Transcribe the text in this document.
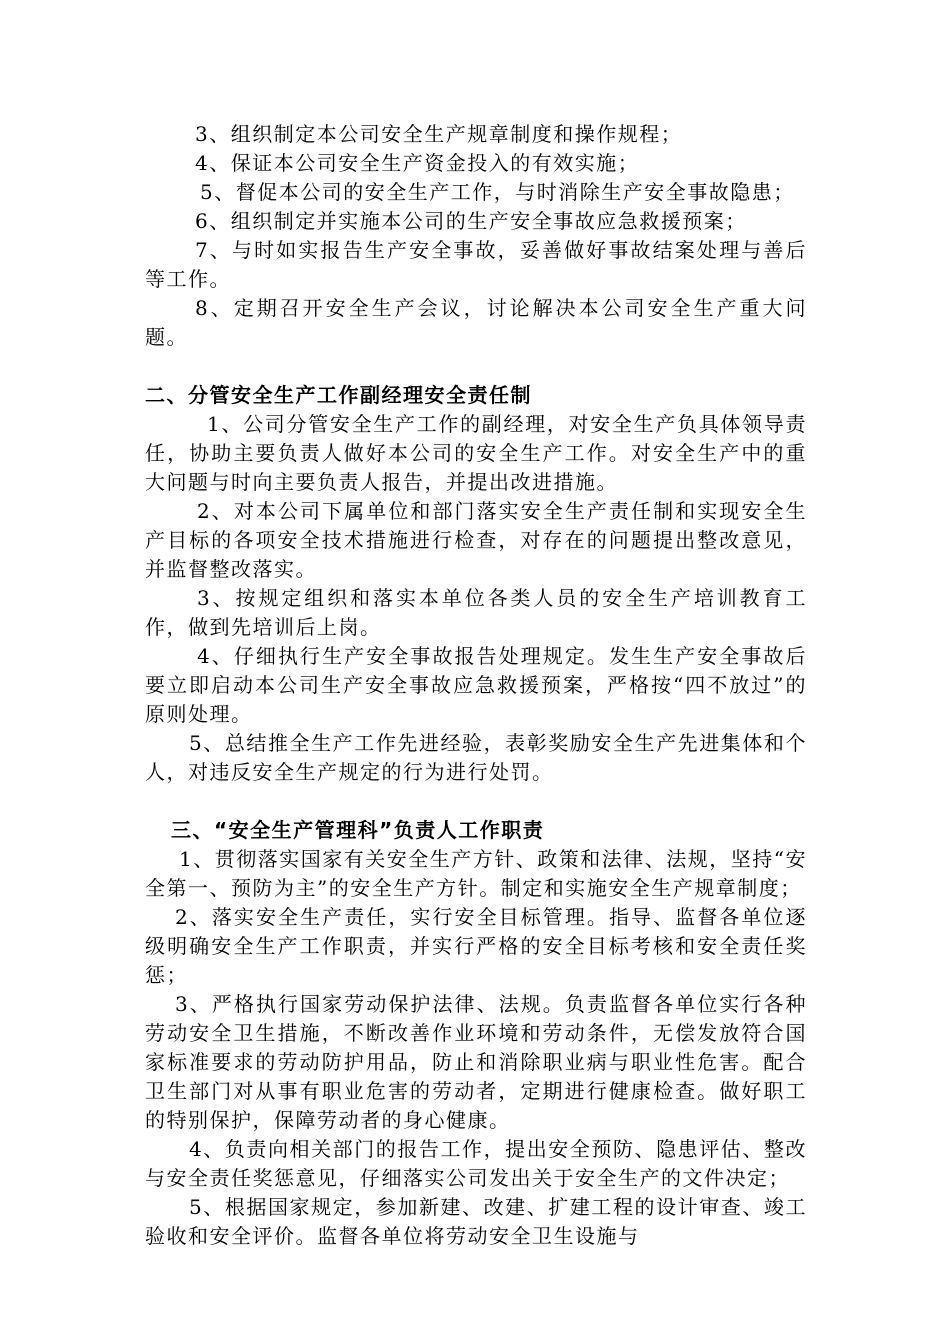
3、组织制定本公司安全生产规章制度和操作规程；

4、保证本公司安全生产资金投入的有效实施；

5、督促本公司的安全生产工作，与时消除生产安全事故隐患；

6、组织制定并实施本公司的生产安全事故应急救援预案；

7、与时如实报告生产安全事故，妥善做好事故结案处理与善后等工作。

8、定期召开安全生产会议，讨论解决本公司安全生产重大问题。

二、分管安全生产工作副经理安全责任制

1、公司分管安全生产工作的副经理，对安全生产负具体领导责任，协助主要负责人做好本公司的安全生产工作。对安全生产中的重大问题与时向主要负责人报告，并提出改进措施。

2、对本公司下属单位和部门落实安全生产责任制和实现安全生产目标的各项安全技术措施进行检查，对存在的问题提出整改意见，并监督整改落实。

3、按规定组织和落实本单位各类人员的安全生产培训教育工作，做到先培训后上岗。

4、仔细执行生产安全事故报告处理规定。发生生产安全事故后要立即启动本公司生产安全事故应急救援预案，严格按“四不放过”的原则处理。

5、总结推全生产工作先进经验，表彰奖励安全生产先进集体和个人，对违反安全生产规定的行为进行处罚。

三、“安全生产管理科”负责人工作职责

1、贯彻落实国家有关安全生产方针、政策和法律、法规，坚持“安全第一、预防为主”的安全生产方针。制定和实施安全生产规章制度；

2、落实安全生产责任，实行安全目标管理。指导、监督各单位逐级明确安全生产工作职责，并实行严格的安全目标考核和安全责任奖惩；

3、严格执行国家劳动保护法律、法规。负责监督各单位实行各种劳动安全卫生措施，不断改善作业环境和劳动条件，无偿发放符合国家标准要求的劳动防护用品，防止和消除职业病与职业性危害。配合卫生部门对从事有职业危害的劳动者，定期进行健康检查。做好职工的特别保护，保障劳动者的身心健康。

4、负责向相关部门的报告工作，提出安全预防、隐患评估、整改与安全责任奖惩意见，仔细落实公司发出关于安全生产的文件决定；

5、根据国家规定，参加新建、改建、扩建工程的设计审查、竣工验收和安全评价。监督各单位将劳动安全卫生设施与
